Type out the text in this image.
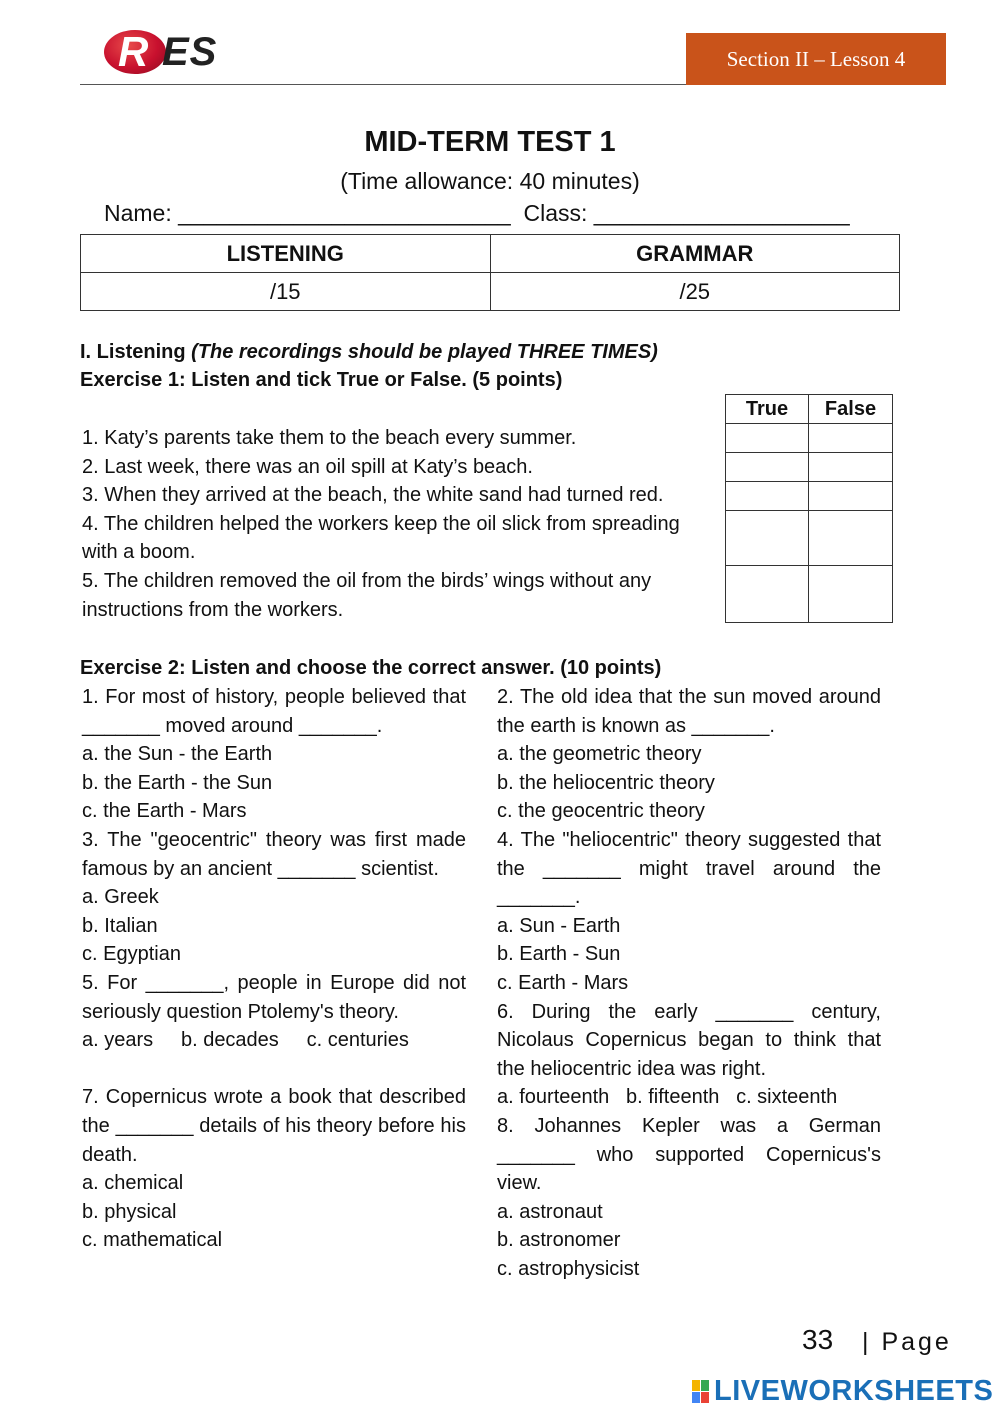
R ES	Section II – Lesson 4
MID-TERM TEST 1
(Time allowance: 40 minutes)
Name: __________________________  Class: ____________________
LISTENING	GRAMMAR
/15	/25
I. Listening (The recordings should be played THREE TIMES)
Exercise 1: Listen and tick True or False. (5 points)
1. Katy’s parents take them to the beach every summer.
2. Last week, there was an oil spill at Katy’s beach.
3. When they arrived at the beach, the white sand had turned red.
4. The children helped the workers keep the oil slick from spreading with a boom.
5. The children removed the oil from the birds’ wings without any instructions from the workers.
True	False

Exercise 2: Listen and choose the correct answer. (10 points)

1. For most of history, people believed that _______ moved around _______.

a. the Sun - the Earth

b. the Earth - the Sun

c. the Earth - Mars

3. The "geocentric" theory was first made famous by an ancient _______ scientist.

a. Greek

b. Italian

c. Egyptian

5. For _______, people in Europe did not seriously question Ptolemy's theory.

a. years b. decades c. centuries

7. Copernicus wrote a book that described the _______ details of his theory before his death.

a. chemical

b. physical

c. mathematical

2. The old idea that the sun moved around the earth is known as _______.

a. the geometric theory

b. the heliocentric theory

c. the geocentric theory

4. The "heliocentric" theory suggested that the _______ might travel around the _______.

a. Sun - Earth

b. Earth - Sun

c. Earth - Mars

6. During the early _______ century, Nicolaus Copernicus began to think that the heliocentric idea was right.

a. fourteenth b. fifteenth c. sixteenth

8. Johannes Kepler was a German _______ who supported Copernicus's view.

a. astronaut

b. astronomer

c. astrophysicist

33 | Page
LIVEWORKSHEETS
